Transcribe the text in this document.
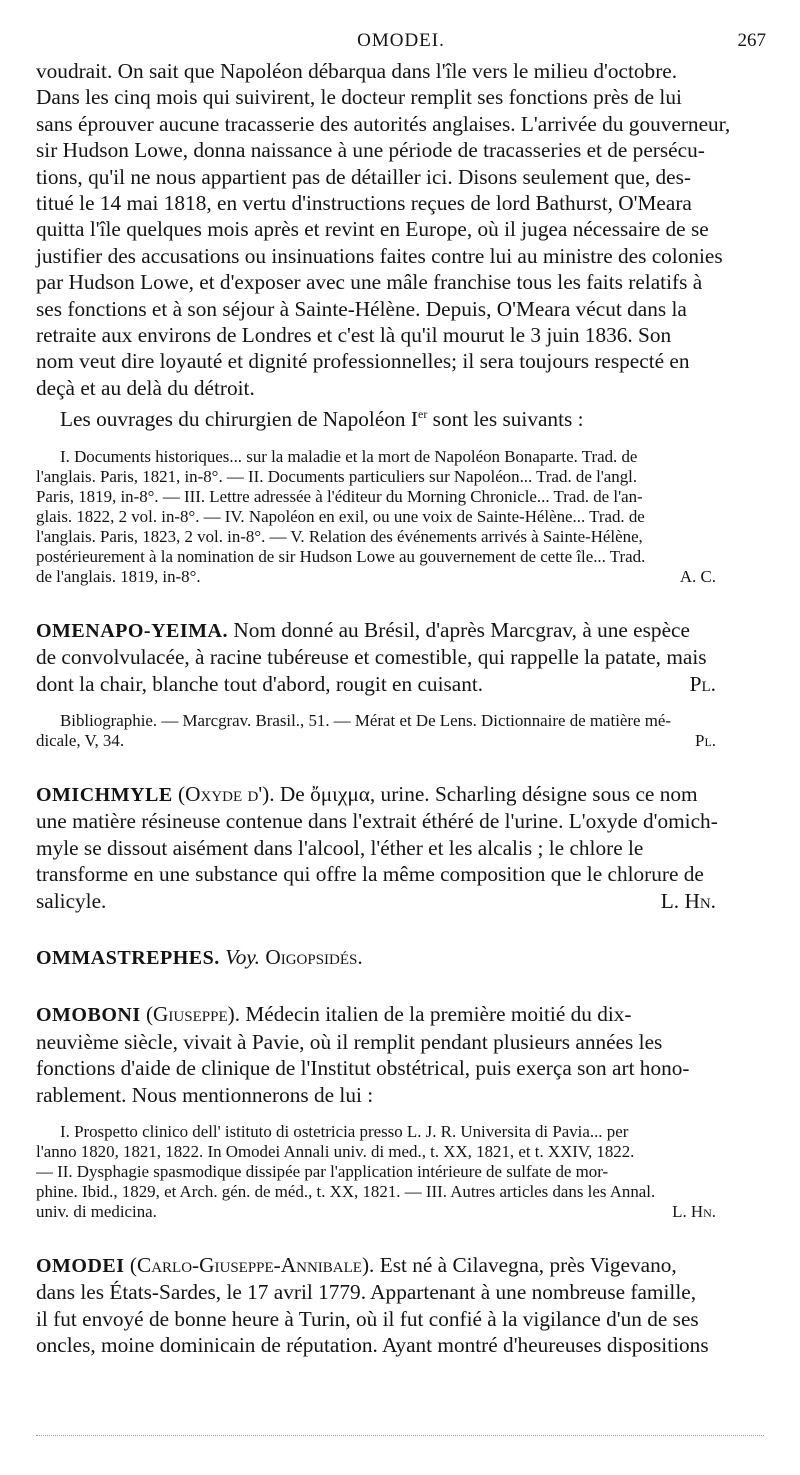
OMODEI.	267

voudrait. On sait que Napoléon débarqua dans l'île vers le milieu d'octobre.

Dans les cinq mois qui suivirent, le docteur remplit ses fonctions près de lui

sans éprouver aucune tracasserie des autorités anglaises. L'arrivée du gouverneur,

sir Hudson Lowe, donna naissance à une période de tracasseries et de persécu-

tions, qu'il ne nous appartient pas de détailler ici. Disons seulement que, des-

titué le 14 mai 1818, en vertu d'instructions reçues de lord Bathurst, O'Meara

quitta l'île quelques mois après et revint en Europe, où il jugea nécessaire de se

justifier des accusations ou insinuations faites contre lui au ministre des colonies

par Hudson Lowe, et d'exposer avec une mâle franchise tous les faits relatifs à

ses fonctions et à son séjour à Sainte-Hélène. Depuis, O'Meara vécut dans la

retraite aux environs de Londres et c'est là qu'il mourut le 3 juin 1836. Son

nom veut dire loyauté et dignité professionnelles; il sera toujours respecté en

deçà et au delà du détroit.

Les ouvrages du chirurgien de Napoléon Ier sont les suivants :

I. Documents historiques... sur la maladie et la mort de Napoléon Bonaparte. Trad. de

l'anglais. Paris, 1821, in-8°. — II. Documents particuliers sur Napoléon... Trad. de l'angl.

Paris, 1819, in-8°. — III. Lettre adressée à l'éditeur du Morning Chronicle... Trad. de l'an-

glais. 1822, 2 vol. in-8°. — IV. Napoléon en exil, ou une voix de Sainte-Hélène... Trad. de

l'anglais. Paris, 1823, 2 vol. in-8°. — V. Relation des événements arrivés à Sainte-Hélène,

postérieurement à la nomination de sir Hudson Lowe au gouvernement de cette île... Trad.

de l'anglais. 1819, in-8°.	A. C.

OMENAPO-YEIMA. Nom donné au Brésil, d'après Marcgrav, à une espèce

de convolvulacée, à racine tubéreuse et comestible, qui rappelle la patate, mais

dont la chair, blanche tout d'abord, rougit en cuisant.	Pl.

Bibliographie. — Marcgrav. Brasil., 51. — Mérat et De Lens. Dictionnaire de matière mé-

dicale, V, 34.	Pl.

OMICHMYLE (Oxyde d'). De ὄμιχμα, urine. Scharling désigne sous ce nom

une matière résineuse contenue dans l'extrait éthéré de l'urine. L'oxyde d'omich-

myle se dissout aisément dans l'alcool, l'éther et les alcalis ; le chlore le

transforme en une substance qui offre la même composition que le chlorure de

salicyle.	L. Hn.

OMMASTREPHES. Voy. Oigopsidés.

OMOBONI (Giuseppe). Médecin italien de la première moitié du dix-

neuvième siècle, vivait à Pavie, où il remplit pendant plusieurs années les

fonctions d'aide de clinique de l'Institut obstétrical, puis exerça son art hono-

rablement. Nous mentionnerons de lui :

I. Prospetto clinico dell' istituto di ostetricia presso L. J. R. Universita di Pavia... per

l'anno 1820, 1821, 1822. In Omodei Annali univ. di med., t. XX, 1821, et t. XXIV, 1822.

— II. Dysphagie spasmodique dissipée par l'application intérieure de sulfate de mor-

phine. Ibid., 1829, et Arch. gén. de méd., t. XX, 1821. — III. Autres articles dans les Annal.

univ. di medicina.	L. Hn.

OMODEI (Carlo-Giuseppe-Annibale). Est né à Cilavegna, près Vigevano,

dans les États-Sardes, le 17 avril 1779. Appartenant à une nombreuse famille,

il fut envoyé de bonne heure à Turin, où il fut confié à la vigilance d'un de ses

oncles, moine dominicain de réputation. Ayant montré d'heureuses dispositions
